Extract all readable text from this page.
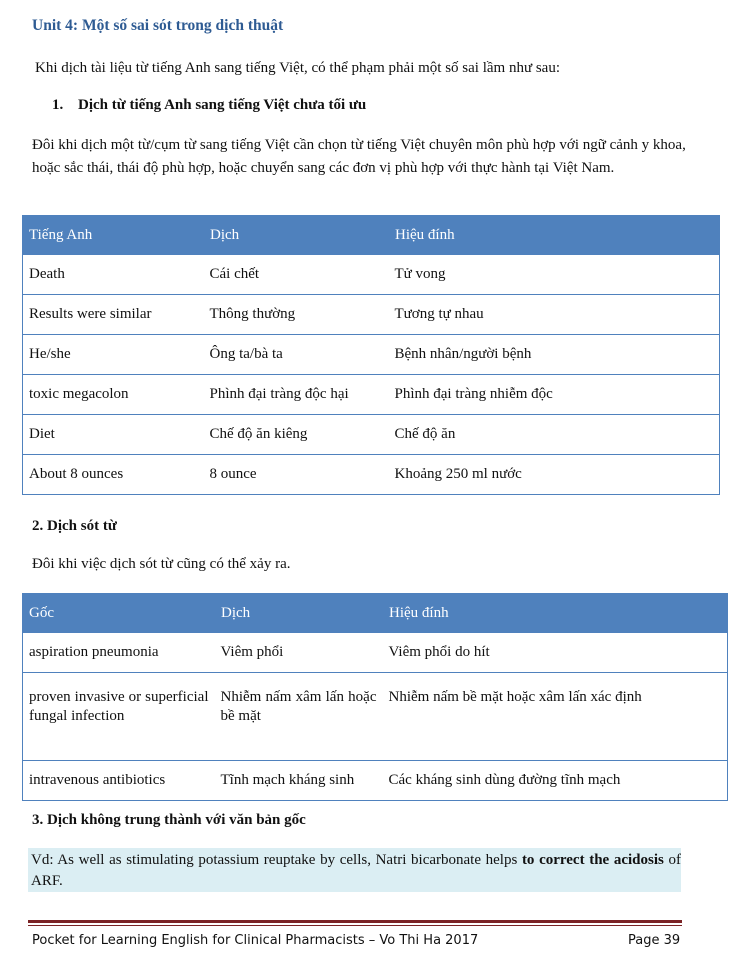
Unit 4: Một số sai sót trong dịch thuật
Khi dịch tài liệu từ tiếng Anh sang tiếng Việt, có thể phạm phải một số sai lầm như sau:
1. Dịch từ tiếng Anh sang tiếng Việt chưa tối ưu
Đôi khi dịch một từ/cụm từ sang tiếng Việt cần chọn từ tiếng Việt chuyên môn phù hợp với ngữ cảnh y khoa, hoặc sắc thái, thái độ phù hợp, hoặc chuyển sang các đơn vị phù hợp với thực hành tại Việt Nam.
Tiếng Anh	Dịch	Hiệu đính
Death	Cái chết	Tử vong
Results were similar	Thông thường	Tương tự nhau
He/she	Ông ta/bà ta	Bệnh nhân/người bệnh
toxic megacolon	Phình đại tràng độc hại	Phình đại tràng nhiễm độc
Diet	Chế độ ăn kiêng	Chế độ ăn
About 8 ounces	8 ounce	Khoảng 250 ml nước
2. Dịch sót từ
Đôi khi việc dịch sót từ cũng có thể xảy ra.
Gốc	Dịch	Hiệu đính
aspiration pneumonia	Viêm phổi	Viêm phổi do hít
proven invasive or superficial fungal infection	Nhiễm nấm xâm lấn hoặc bề mặt	Nhiễm nấm bề mặt hoặc xâm lấn xác định
intravenous antibiotics	Tĩnh mạch kháng sinh	Các kháng sinh dùng đường tĩnh mạch
3. Dịch không trung thành với văn bản gốc
Vd: As well as stimulating potassium reuptake by cells, Natri bicarbonate helps to correct the acidosis of ARF.
Pocket for Learning English for Clinical Pharmacists – Vo Thi Ha 2017	Page 39
